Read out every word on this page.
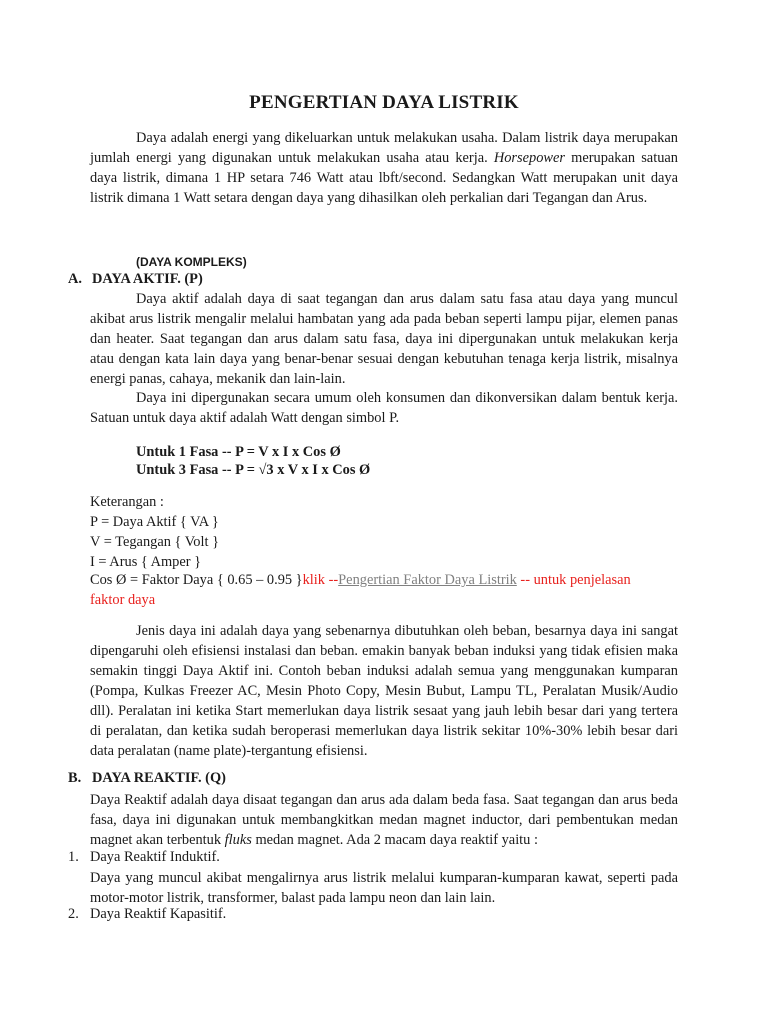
PENGERTIAN DAYA LISTRIK
Daya adalah energi yang dikeluarkan untuk melakukan usaha. Dalam listrik daya merupakan jumlah energi yang digunakan untuk melakukan usaha atau kerja. Horsepower merupakan satuan daya listrik, dimana 1 HP setara 746 Watt atau lbft/second. Sedangkan Watt merupakan unit daya listrik dimana 1 Watt setara dengan daya yang dihasilkan oleh perkalian dari Tegangan dan Arus.
(DAYA KOMPLEKS)
A. DAYA AKTIF. (P)
Daya aktif adalah daya di saat tegangan dan arus dalam satu fasa atau daya yang muncul akibat arus listrik mengalir melalui hambatan yang ada pada beban seperti lampu pijar, elemen panas dan heater. Saat tegangan dan arus dalam satu fasa, daya ini dipergunakan untuk melakukan kerja atau dengan kata lain daya yang benar-benar sesuai dengan kebutuhan tenaga kerja listrik, misalnya energi panas, cahaya, mekanik dan lain-lain.
Daya ini dipergunakan secara umum oleh konsumen dan dikonversikan dalam bentuk kerja. Satuan untuk daya aktif adalah Watt dengan simbol P.
Untuk 1 Fasa -- P = V x I x Cos Ø
Untuk 3 Fasa -- P = √3 x V x I x Cos Ø
Keterangan :
P = Daya Aktif { VA }
V = Tegangan { Volt }
I = Arus { Amper }
Cos Ø = Faktor Daya { 0.65 – 0.95 }klik --Pengertian Faktor Daya Listrik -- untuk penjelasan
faktor daya
Jenis daya ini adalah daya yang sebenarnya dibutuhkan oleh beban, besarnya daya ini sangat dipengaruhi oleh efisiensi instalasi dan beban. emakin banyak beban induksi yang tidak efisien maka semakin tinggi Daya Aktif ini. Contoh beban induksi adalah semua yang menggunakan kumparan (Pompa, Kulkas Freezer AC, Mesin Photo Copy, Mesin Bubut, Lampu TL, Peralatan Musik/Audio dll). Peralatan ini ketika Start memerlukan daya listrik sesaat yang jauh lebih besar dari yang tertera di peralatan, dan ketika sudah beroperasi memerlukan daya listrik sekitar 10%-30% lebih besar dari data peralatan (name plate)-tergantung efisiensi.
B. DAYA REAKTIF. (Q)
Daya Reaktif adalah daya disaat tegangan dan arus ada dalam beda fasa. Saat tegangan dan arus beda fasa, daya ini digunakan untuk membangkitkan medan magnet inductor, dari pembentukan medan magnet akan terbentuk fluks medan magnet. Ada 2 macam daya reaktif yaitu :
1. Daya Reaktif Induktif.
Daya yang muncul akibat mengalirnya arus listrik melalui kumparan-kumparan kawat, seperti pada motor-motor listrik, transformer, balast pada lampu neon dan lain lain.
2. Daya Reaktif Kapasitif.
